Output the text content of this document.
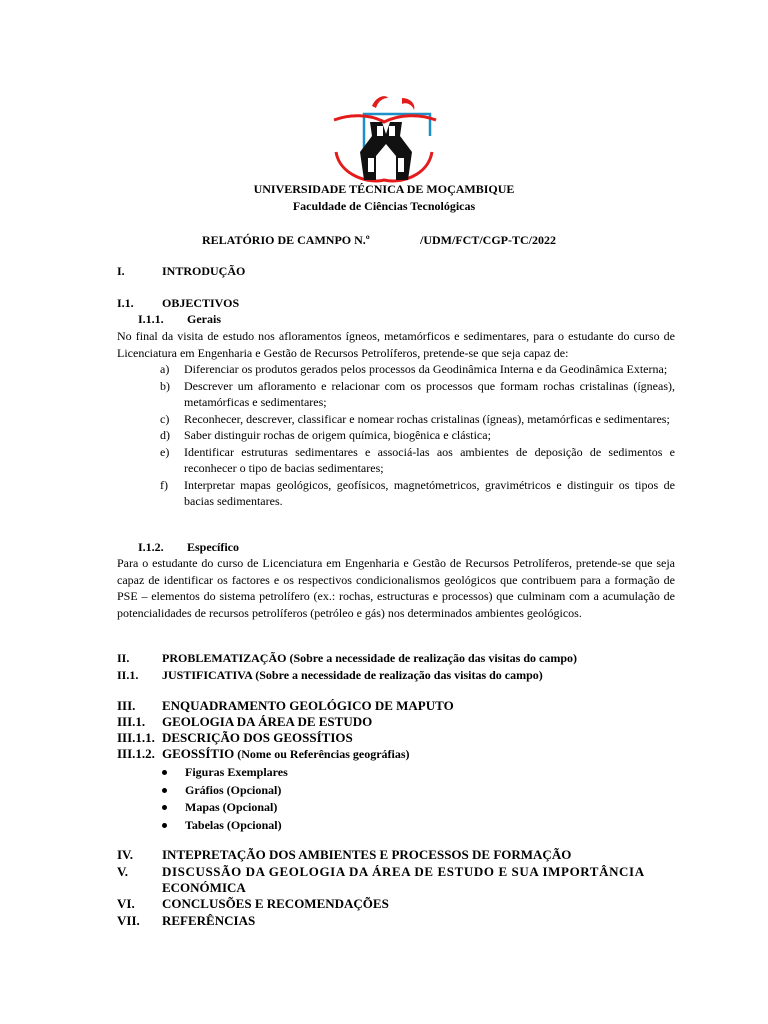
UNIVERSIDADE TÉCNICA DE MOÇAMBIQUE
Faculdade de Ciências Tecnológicas
RELATÓRIO DE CAMNPO N.º	/UDM/FCT/CGP-TC/2022
I.	INTRODUÇÃO
I.1. OBJECTIVOS
I.1.1. Gerais
No final da visita de estudo nos afloramentos ígneos, metamórficos e sedimentares, para o estudante do curso de Licenciatura em Engenharia e Gestão de Recursos Petrolíferos, pretende-se que seja capaz de:
a) Diferenciar os produtos gerados pelos processos da Geodinâmica Interna e da Geodinâmica Externa;
b) Descrever um afloramento e relacionar com os processos que formam rochas cristalinas (ígneas), metamórficas e sedimentares;
c) Reconhecer, descrever, classificar e nomear rochas cristalinas (ígneas), metamórficas e sedimentares;
d) Saber distinguir rochas de origem química, biogênica e clástica;
e) Identificar estruturas sedimentares e associá-las aos ambientes de deposição de sedimentos e reconhecer o tipo de bacias sedimentares;
f) Interpretar mapas geológicos, geofísicos, magnetómetricos, gravimétricos e distinguir os tipos de bacias sedimentares.
I.1.2. Específico
Para o estudante do curso de Licenciatura em Engenharia e Gestão de Recursos Petrolíferos, pretende-se que seja capaz de identificar os factores e os respectivos condicionalismos geológicos que contribuem para a formação de PSE – elementos do sistema petrolífero (ex.: rochas, estructuras e processos) que culminam com a acumulação de potencialidades de recursos petrolíferos (petróleo e gás) nos determinados ambientes geológicos.
II.	PROBLEMATIZAÇÃO (Sobre a necessidade de realização das visitas do campo)
II.1. JUSTIFICATIVA (Sobre a necessidade de realização das visitas do campo)
III. ENQUADRAMENTO GEOLÓGICO DE MAPUTO
III.1. GEOLOGIA DA ÁREA DE ESTUDO
III.1.1. DESCRIÇÃO DOS GEOSSÍTIOS
III.1.2. GEOSSÍTIO (Nome ou Referências geográfias)
Figuras Exemplares
Gráfios (Opcional)
Mapas (Opcional)
Tabelas (Opcional)
IV. INTEPRETAÇÃO DOS AMBIENTES E PROCESSOS DE FORMAÇÃO
V.	DISCUSSÃO DA GEOLOGIA DA ÁREA DE ESTUDO E SUA IMPORTÂNCIA
ECONÓMICA
VI. CONCLUSÕES E RECOMENDAÇÕES
VII. REFERÊNCIAS
